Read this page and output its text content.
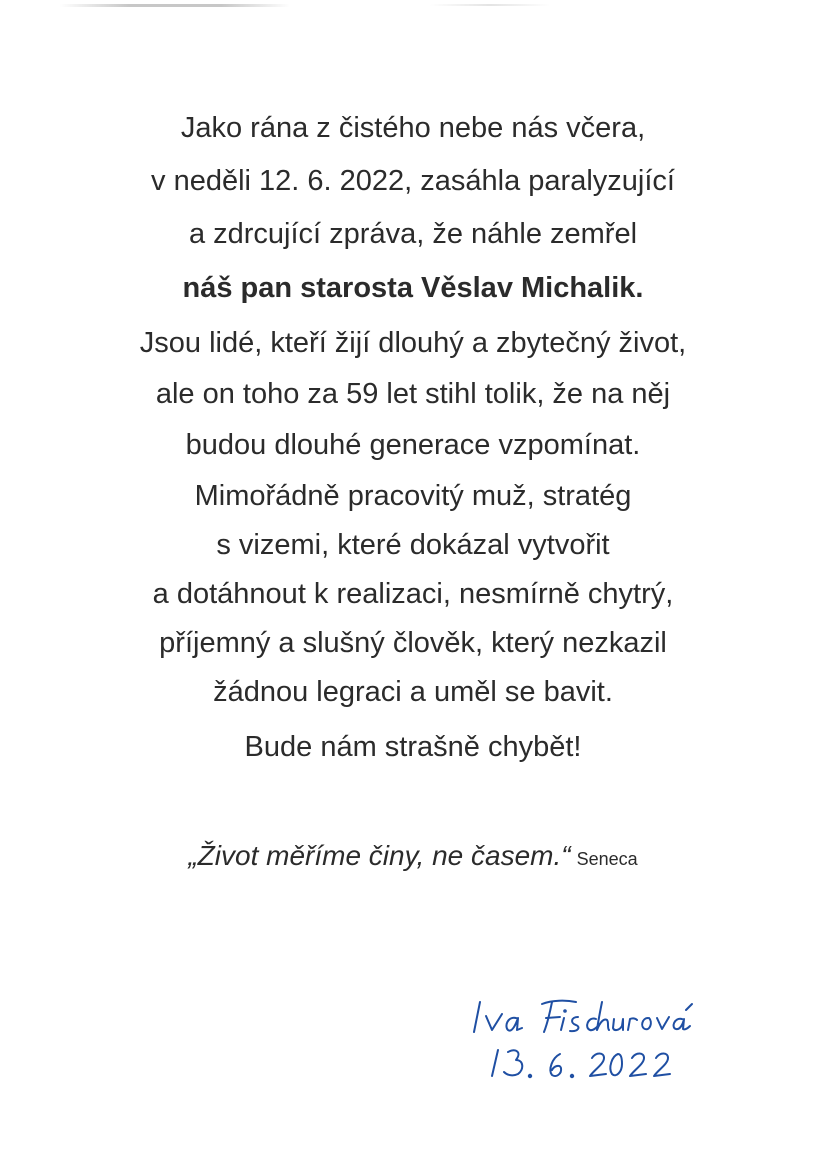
Jako rána z čistého nebe nás včera,
v neděli 12. 6. 2022, zasáhla paralyzující
a zdrcující zpráva, že náhle zemřel
náš pan starosta Věslav Michalik.
Jsou lidé, kteří žijí dlouhý a zbytečný život,
ale on toho za 59 let stihl tolik, že na něj
budou dlouhé generace vzpomínat.
Mimořádně pracovitý muž, stratég
s vizemi, které dokázal vytvořit
a dotáhnout k realizaci, nesmírně chytrý,
příjemný a slušný člověk, který nezkazil
žádnou legraci a uměl se bavit.
Bude nám strašně chybět!
„Život měříme činy, ne časem.“ Seneca
